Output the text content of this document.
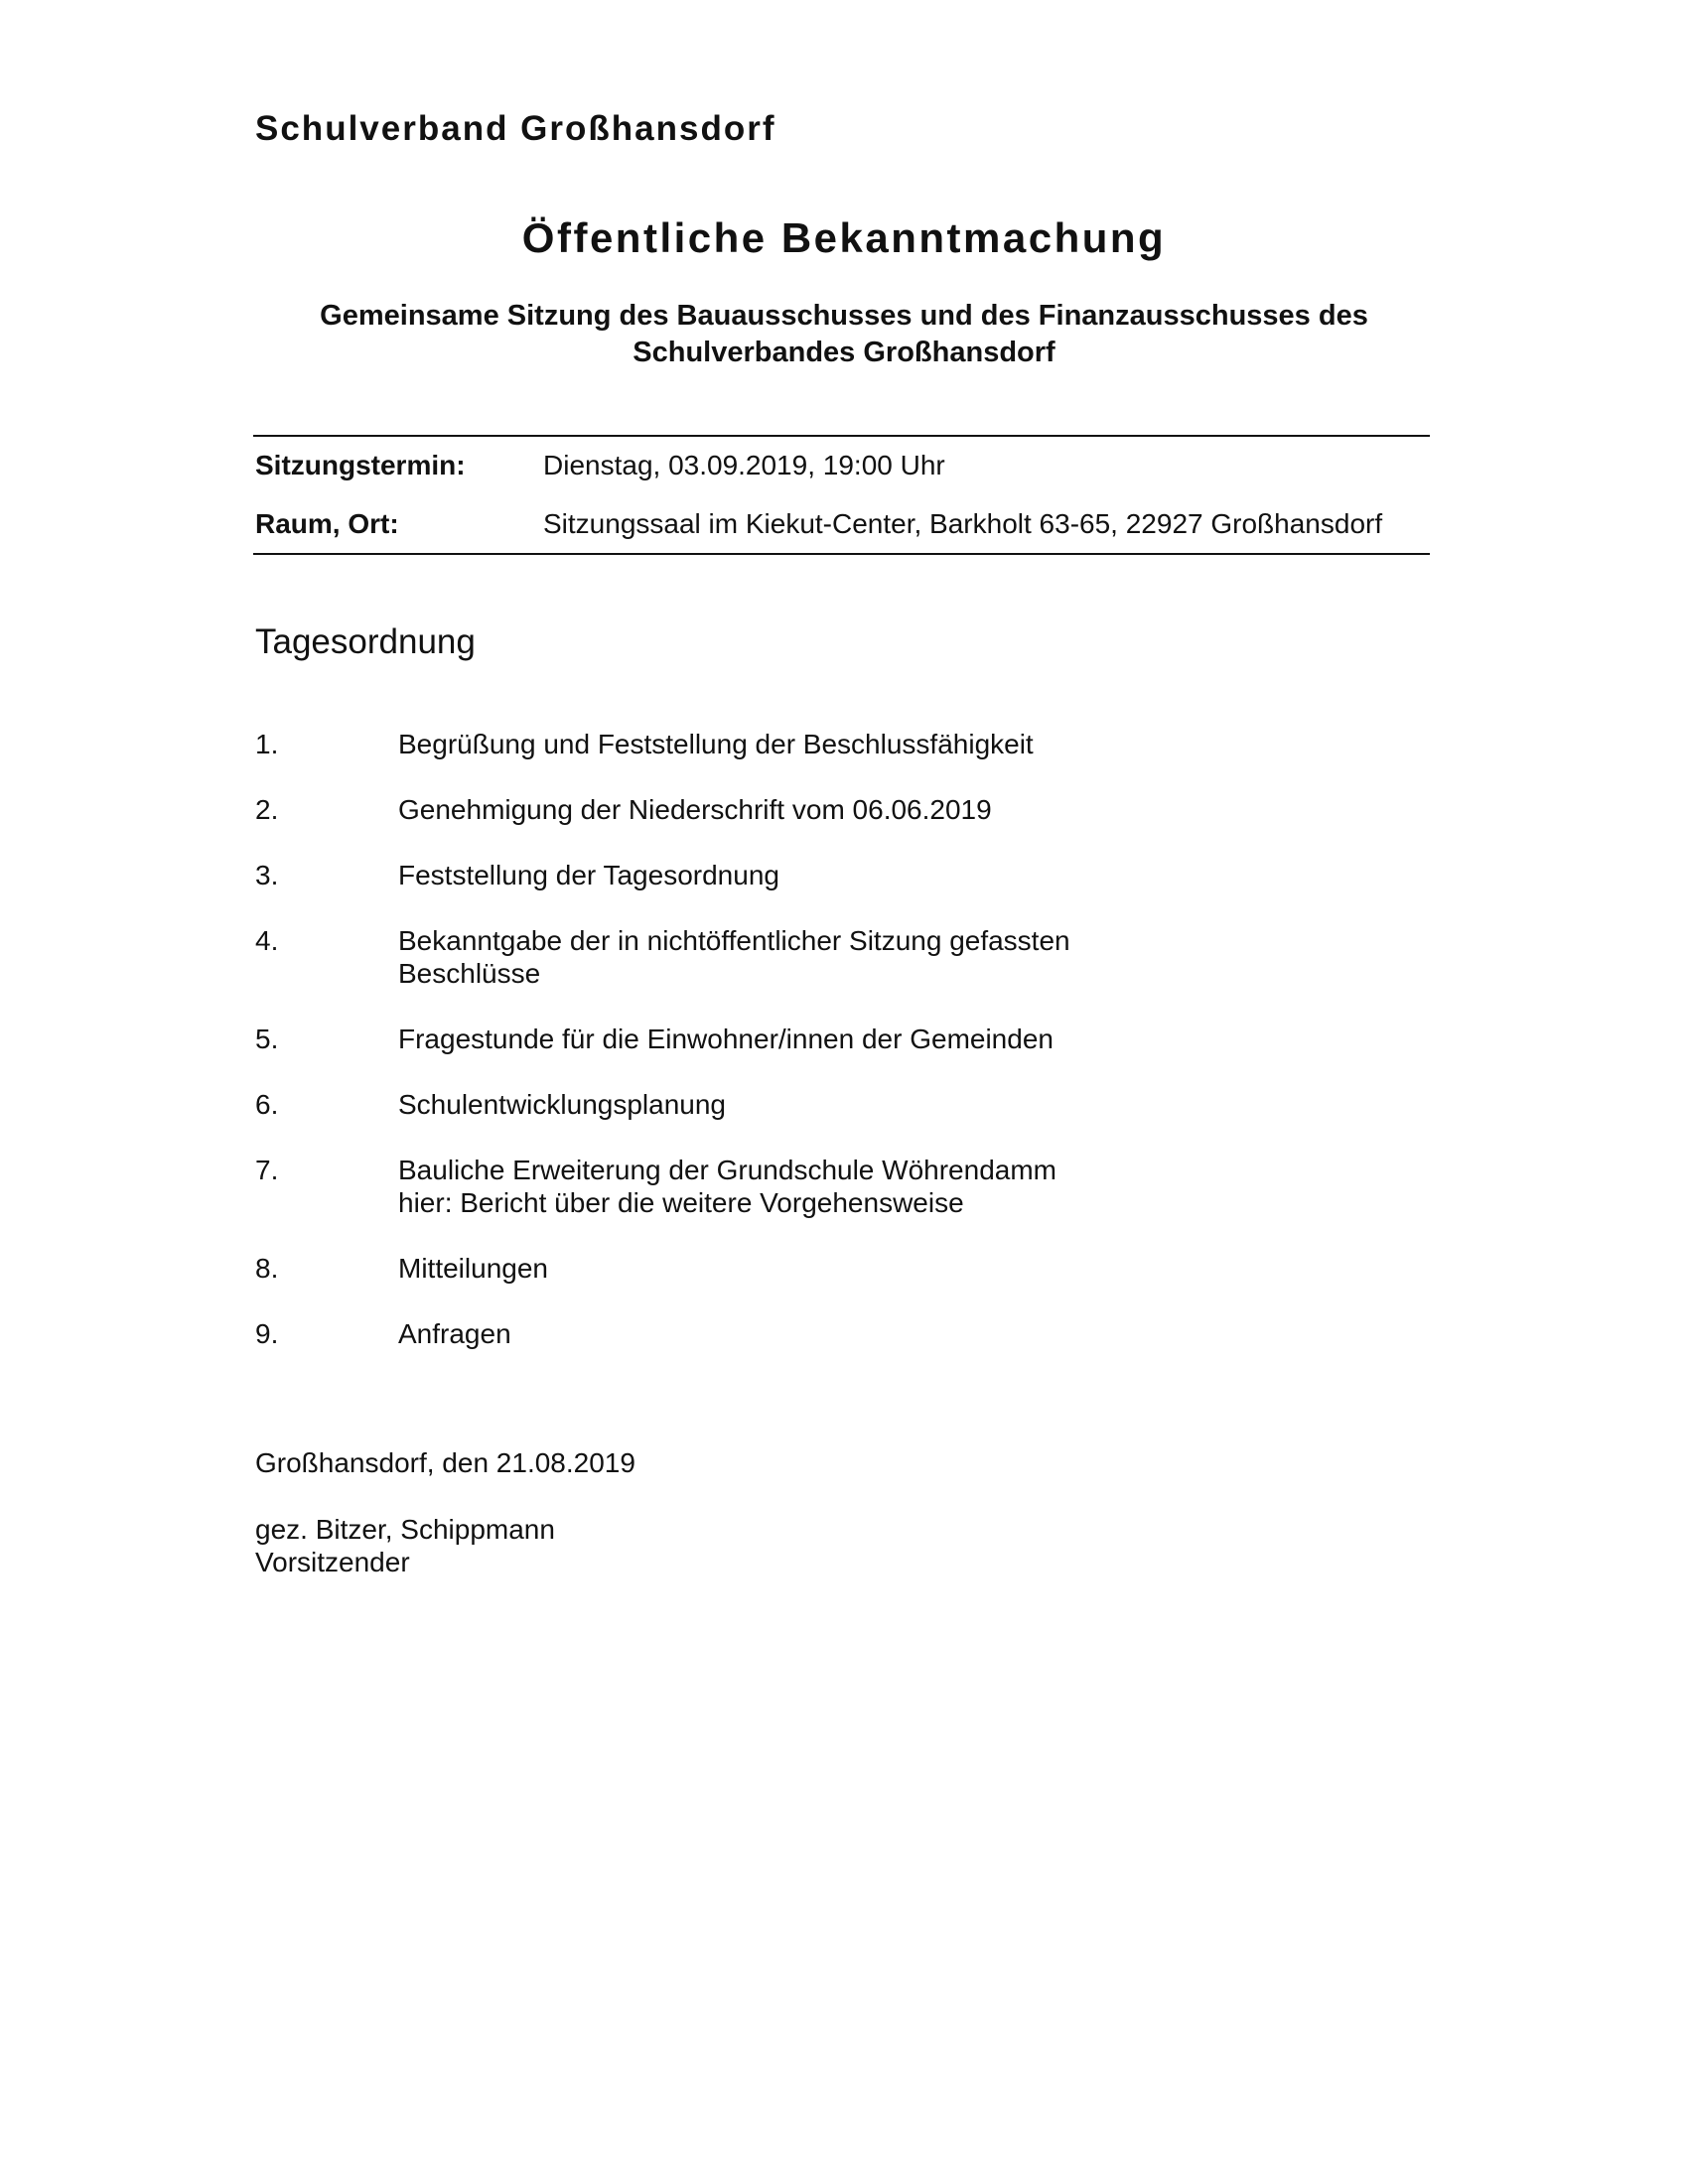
Schulverband Großhansdorf
Öffentliche Bekanntmachung
Gemeinsame Sitzung des Bauausschusses und des Finanzausschusses des Schulverbandes Großhansdorf
Sitzungstermin:	Dienstag, 03.09.2019, 19:00 Uhr
Raum, Ort:	Sitzungssaal im Kiekut-Center, Barkholt 63-65, 22927 Großhansdorf
Tagesordnung
1.	Begrüßung und Feststellung der Beschlussfähigkeit
2.	Genehmigung der Niederschrift vom 06.06.2019
3.	Feststellung der Tagesordnung
4.	Bekanntgabe der in nichtöffentlicher Sitzung gefassten
Beschlüsse
5.	Fragestunde für die Einwohner/innen der Gemeinden
6.	Schulentwicklungsplanung
7.	Bauliche Erweiterung der Grundschule Wöhrendamm
hier: Bericht über die weitere Vorgehensweise
8.	Mitteilungen
9.	Anfragen
Großhansdorf, den 21.08.2019
gez. Bitzer, Schippmann
Vorsitzender
